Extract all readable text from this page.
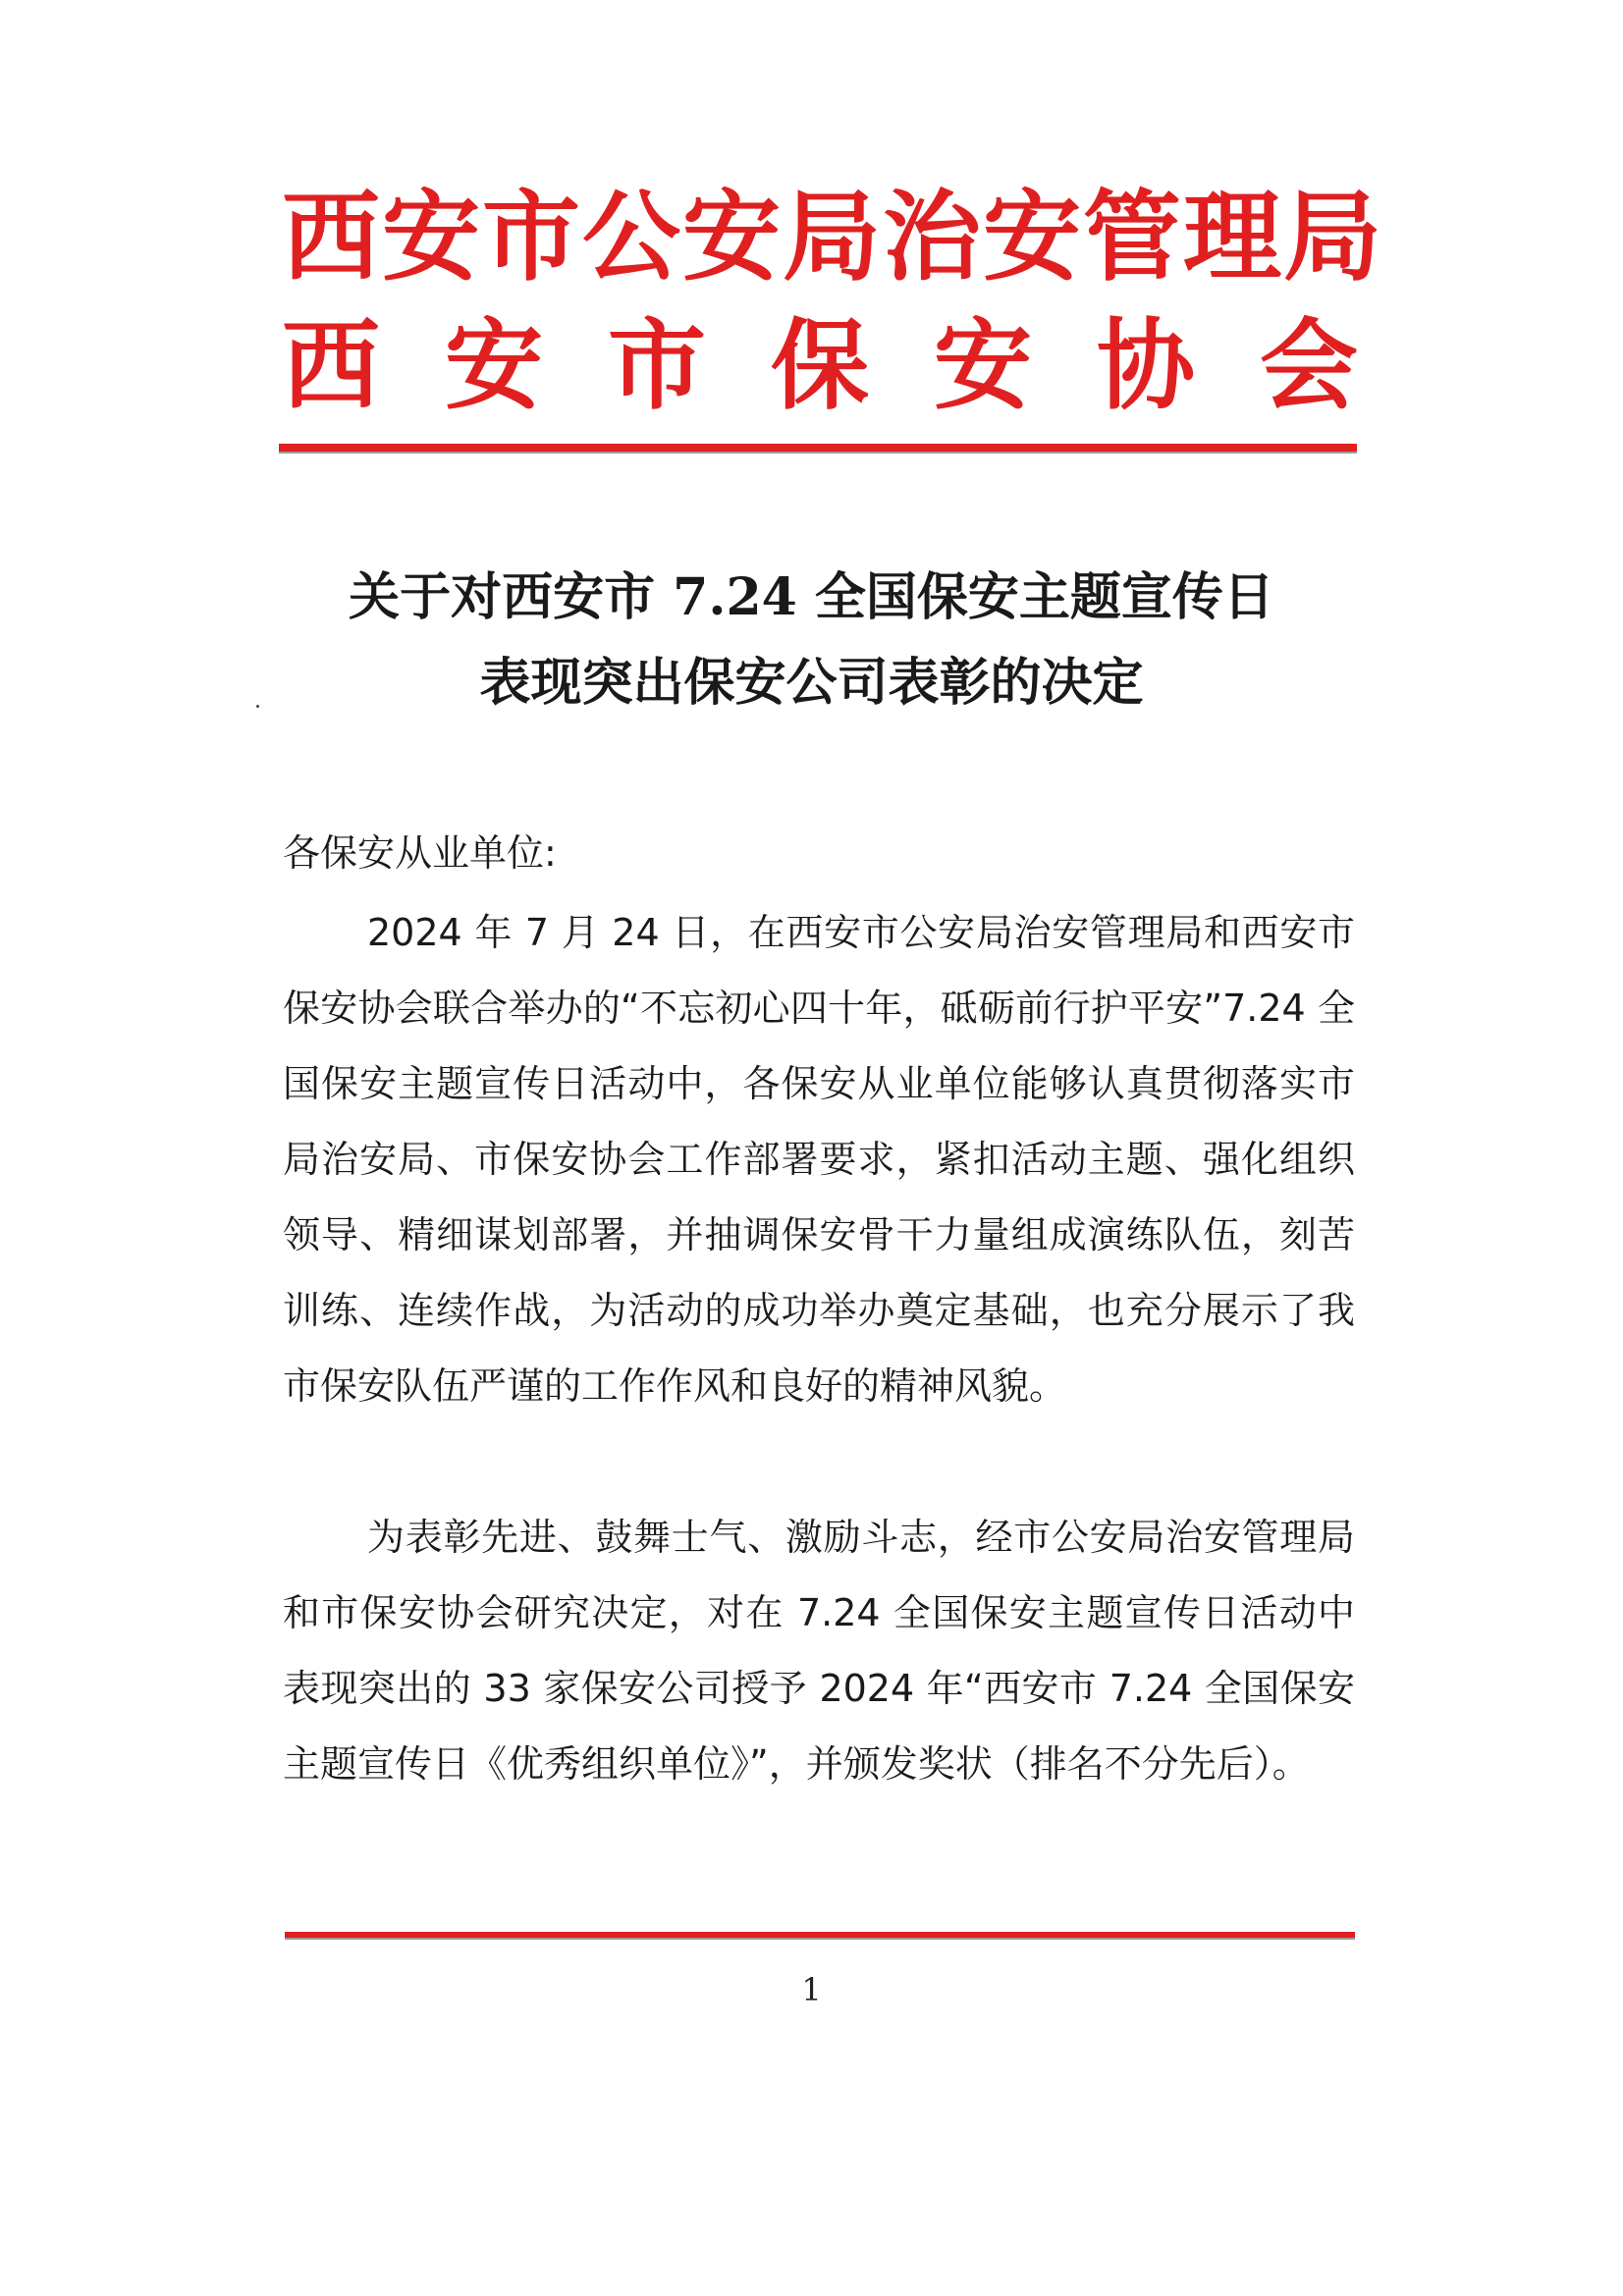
西安市公安局治安管理局
西安市保安协会
关于对西安市 7.24 全国保安主题宣传日
表现突出保安公司表彰的决定
各保安从业单位:

2024 年 7 月 24 日，在西安市公安局治安管理局和西安市保安协会联合举办的“不忘初心四十年，砥砺前行护平安”7.24 全国保安主题宣传日活动中，各保安从业单位能够认真贯彻落实市局治安局、市保安协会工作部署要求，紧扣活动主题、强化组织领导、精细谋划部署，并抽调保安骨干力量组成演练队伍，刻苦训练、连续作战，为活动的成功举办奠定基础，也充分展示了我市保安队伍严谨的工作作风和良好的精神风貌。

为表彰先进、鼓舞士气、激励斗志，经市公安局治安管理局和市保安协会研究决定，对在 7.24 全国保安主题宣传日活动中表现突出的 33 家保安公司授予 2024 年“西安市 7.24 全国保安主题宣传日《优秀组织单位》”，并颁发奖状（排名不分先后）。

1
